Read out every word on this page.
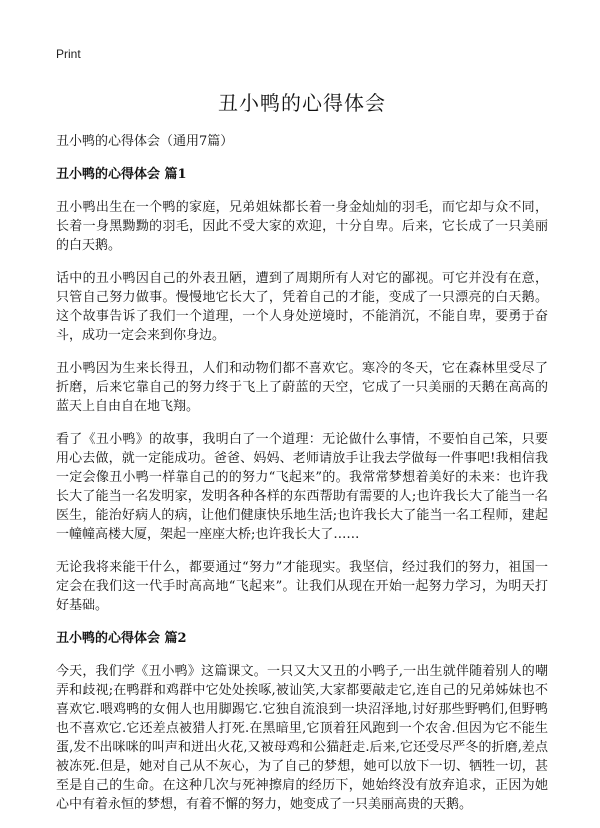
Print

丑小鸭的心得体会

丑小鸭的心得体会（通用7篇）

丑小鸭的心得体会 篇1

丑小鸭出生在一个鸭的家庭，兄弟姐妹都长着一身金灿灿的羽毛，而它却与众不同，长着一身黑黝黝的羽毛，因此不受大家的欢迎，十分自卑。后来，它长成了一只美丽的白天鹅。

话中的丑小鸭因自己的外表丑陋，遭到了周期所有人对它的鄙视。可它并没有在意，只管自己努力做事。慢慢地它长大了，凭着自己的才能，变成了一只漂亮的白天鹅。这个故事告诉了我们一个道理，一个人身处逆境时，不能消沉，不能自卑，要勇于奋斗，成功一定会来到你身边。

丑小鸭因为生来长得丑，人们和动物们都不喜欢它。寒冷的冬天，它在森林里受尽了折磨，后来它靠自己的努力终于飞上了蔚蓝的天空，它成了一只美丽的天鹅在高高的蓝天上自由自在地飞翔。

看了《丑小鸭》的故事，我明白了一个道理：无论做什么事情，不要怕自己笨，只要用心去做，就一定能成功。爸爸、妈妈、老师请放手让我去学做每一件事吧!我相信我一定会像丑小鸭一样靠自己的的努力“飞起来”的。我常常梦想着美好的未来：也许我长大了能当一名发明家，发明各种各样的东西帮助有需要的人;也许我长大了能当一名医生，能治好病人的病，让他们健康快乐地生活;也许我长大了能当一名工程师，建起一幢幢高楼大厦，架起一座座大桥;也许我长大了……

无论我将来能干什么，都要通过“努力”才能现实。我坚信，经过我们的努力，祖国一定会在我们这一代手时高高地“飞起来”。让我们从现在开始一起努力学习，为明天打好基础。

丑小鸭的心得体会 篇2

今天，我们学《丑小鸭》这篇课文。一只又大又丑的小鸭子,一出生就伴随着别人的嘲弄和歧视;在鸭群和鸡群中它处处挨啄,被讪笑,大家都要敲走它,连自己的兄弟姊妹也不喜欢它.喂鸡鸭的女佣人也用脚踢它.它独自流浪到一块沼泽地,讨好那些野鸭们,但野鸭也不喜欢它.它还差点被猎人打死.在黑暗里,它顶着狂风跑到一个农舍.但因为它不能生蛋,发不出咪咪的叫声和迸出火花,又被母鸡和公猫赶走.后来,它还受尽严冬的折磨,差点被冻死.但是，她对自己从不灰心，为了自己的梦想，她可以放下一切、牺牲一切，甚至是自己的生命。在这种几次与死神擦肩的经历下，她始终没有放弃追求，正因为她心中有着永恒的梦想，有着不懈的努力，她变成了一只美丽高贵的天鹅。
